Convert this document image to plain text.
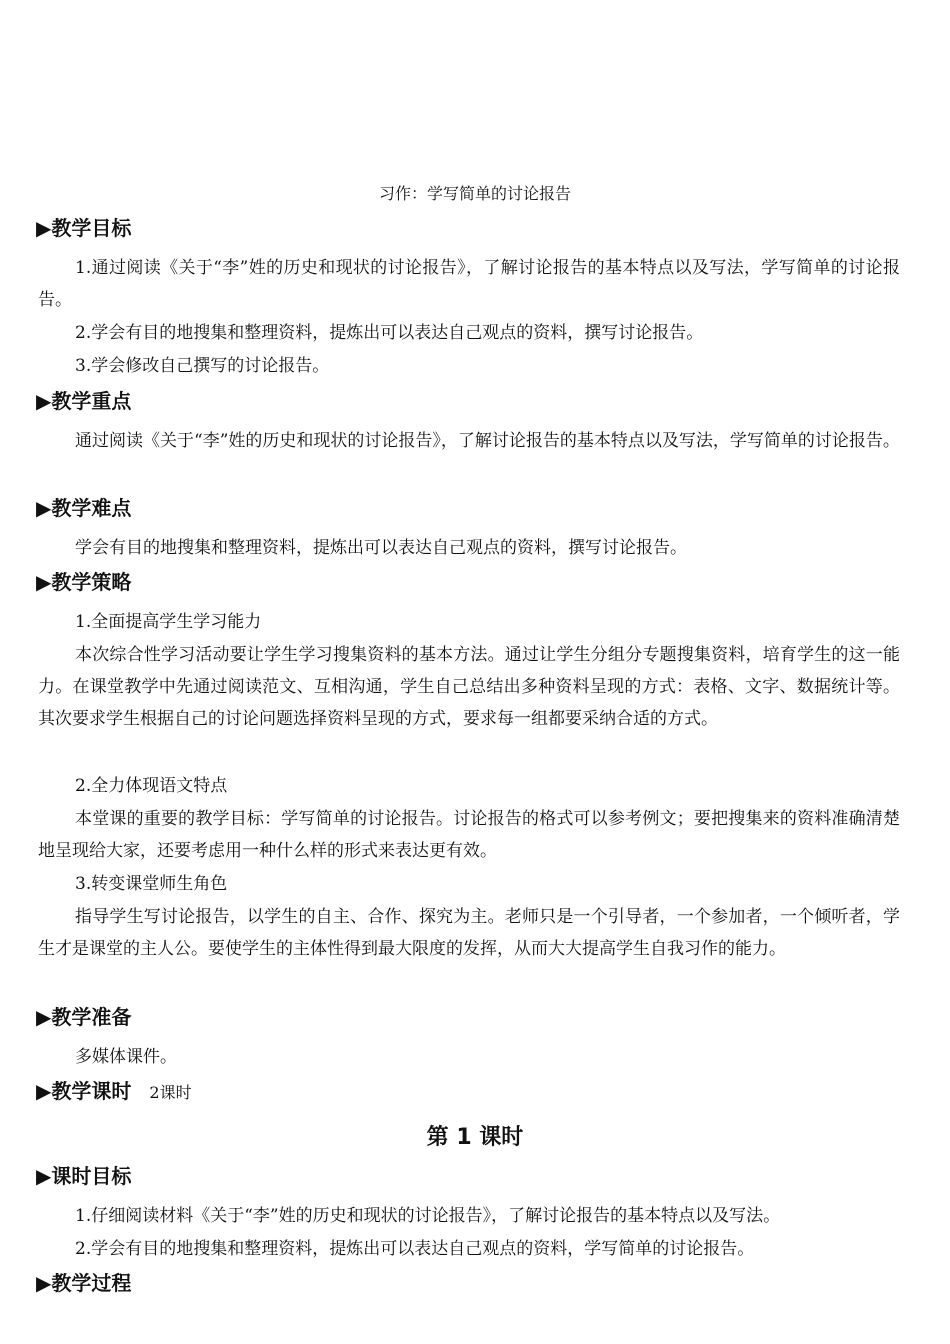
习作：学写简单的讨论报告
▶教学目标
1.通过阅读《关于“李”姓的历史和现状的讨论报告》，了解讨论报告的基本特点以及写法，学写简单的讨论报告。
2.学会有目的地搜集和整理资料，提炼出可以表达自己观点的资料，撰写讨论报告。
3.学会修改自己撰写的讨论报告。
▶教学重点
通过阅读《关于“李”姓的历史和现状的讨论报告》，了解讨论报告的基本特点以及写法，学写简单的讨论报告。
▶教学难点
学会有目的地搜集和整理资料，提炼出可以表达自己观点的资料，撰写讨论报告。
▶教学策略
1.全面提高学生学习能力
本次综合性学习活动要让学生学习搜集资料的基本方法。通过让学生分组分专题搜集资料，培育学生的这一能力。在课堂教学中先通过阅读范文、互相沟通，学生自己总结出多种资料呈现的方式：表格、文字、数据统计等。其次要求学生根据自己的讨论问题选择资料呈现的方式，要求每一组都要采纳合适的方式。
2.全力体现语文特点
本堂课的重要的教学目标：学写简单的讨论报告。讨论报告的格式可以参考例文；要把搜集来的资料准确清楚地呈现给大家，还要考虑用一种什么样的形式来表达更有效。
3.转变课堂师生角色
指导学生写讨论报告，以学生的自主、合作、探究为主。老师只是一个引导者，一个参加者，一个倾听者，学生才是课堂的主人公。要使学生的主体性得到最大限度的发挥，从而大大提高学生自我习作的能力。
▶教学准备
多媒体课件。
▶教学课时 2课时
第 1 课时
▶课时目标
1.仔细阅读材料《关于“李”姓的历史和现状的讨论报告》，了解讨论报告的基本特点以及写法。
2.学会有目的地搜集和整理资料，提炼出可以表达自己观点的资料，学写简单的讨论报告。
▶教学过程
